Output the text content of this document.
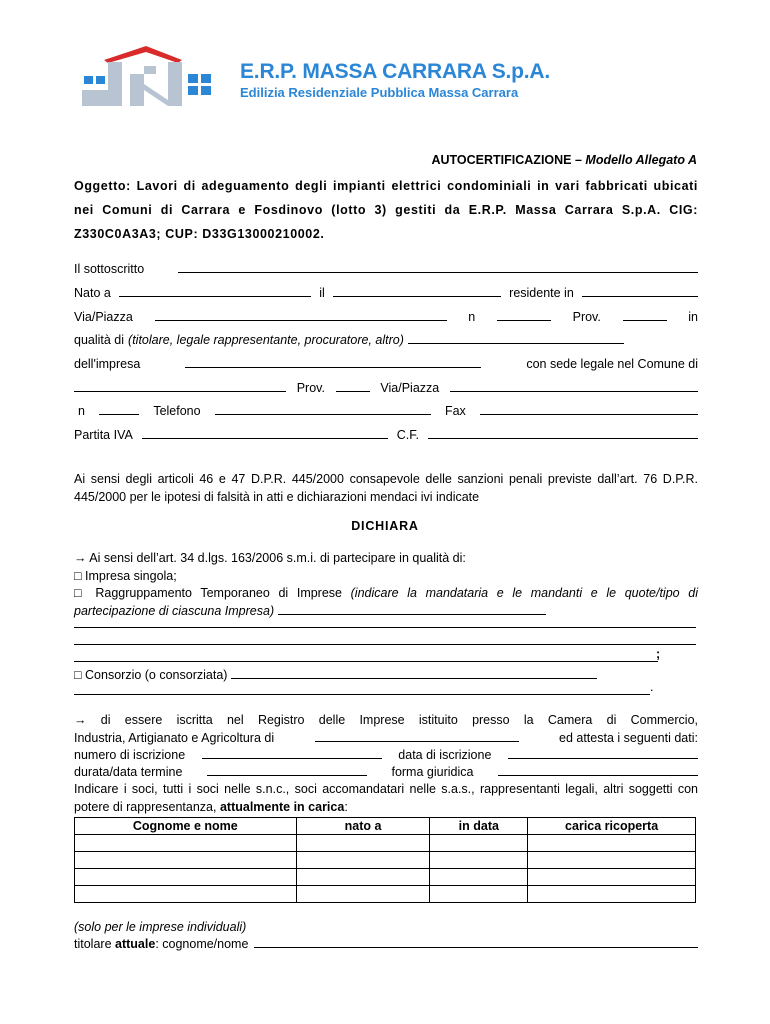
E.R.P. MASSA CARRARA S.p.A.
Edilizia Residenziale Pubblica Massa Carrara
AUTOCERTIFICAZIONE – Modello Allegato A
Oggetto: Lavori di adeguamento degli impianti elettrici condominiali in vari fabbricati ubicati nei Comuni di Carrara e Fosdinovo (lotto 3) gestiti da E.R.P. Massa Carrara S.p.A. CIG: Z330C0A3A3; CUP: D33G13000210002.
Il sottoscritto
Nato a	il	residente in
Via/Piazza	n	Prov.	in
qualità di (titolare, legale rappresentante, procuratore, altro)
dell'impresa	con sede legale nel Comune di
Prov.	Via/Piazza
n	Telefono	Fax
Partita IVA	C.F.
Ai sensi degli articoli 46 e 47 D.P.R. 445/2000 consapevole delle sanzioni penali previste dall’art. 76 D.P.R. 445/2000 per le ipotesi di falsità in atti e dichiarazioni mendaci ivi indicate
DICHIARA
→ Ai sensi dell’art. 34 d.lgs. 163/2006 s.m.i. di partecipare in qualità di:
□ Impresa singola;
□ Raggruppamento Temporaneo di Imprese (indicare la mandataria e le mandanti e le quote/tipo di partecipazione di ciascuna Impresa)
;
□ Consorzio (o consorziata)
.
→ di essere iscritta nel Registro delle Imprese istituito presso la Camera di Commercio,
Industria, Artigianato e Agricoltura di	ed attesta i seguenti dati:
numero di iscrizione	data di iscrizione
durata/data termine	forma giuridica
Indicare i soci, tutti i soci nelle s.n.c., soci accomandatari nelle s.a.s., rappresentanti legali, altri soggetti con potere di rappresentanza, attualmente in carica:
Cognome e nome	nato a	in data	carica ricoperta

(solo per le imprese individuali)
titolare
attuale : cognome/nome
